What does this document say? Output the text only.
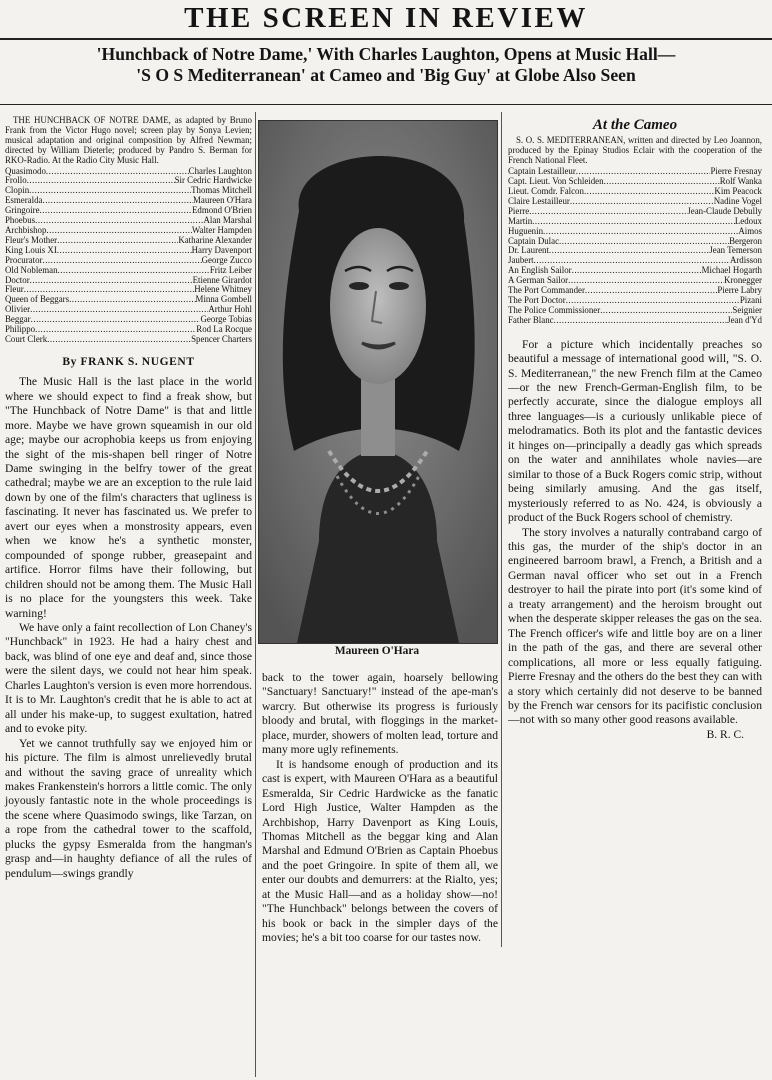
THE SCREEN IN REVIEW
'Hunchback of Notre Dame,' With Charles Laughton, Opens at Music Hall—
'S O S Mediterranean' at Cameo and 'Big Guy' at Globe Also Seen

THE HUNCHBACK OF NOTRE DAME, as adapted by Bruno Frank from the Victor Hugo novel; screen play by Sonya Levien; musical adaptation and original composition by Alfred Newman; directed by William Dieterle; produced by Pandro S. Berman for RKO-Radio. At the Radio City Music Hall.

Quasimodo .....	Charles Laughton
Frollo .....	Sir Cedric Hardwicke
Clopin .....	Thomas Mitchell
Esmeralda .....	Maureen O'Hara
Gringoire .....	Edmond O'Brien
Phoebus .....	Alan Marshal
Archbishop .....	Walter Hampden
Fleur's Mother .....	Katharine Alexander
King Louis XI .....	Harry Davenport
Procurator .....	George Zucco
Old Nobleman .....	Fritz Leiber
Doctor .....	Etienne Girardot
Fleur .....	Helene Whitney
Queen of Beggars .....	Minna Gombell
Olivier .....	Arthur Hohl
Beggar .....	George Tobias
Philippo .....	Rod La Rocque
Court Clerk .....	Spencer Charters
By FRANK S. NUGENT

The Music Hall is the last place in the world where we should expect to find a freak show, but "The Hunchback of Notre Dame" is that and little more. Maybe we have grown squeamish in our old age; maybe our acrophobia keeps us from enjoying the sight of the mis-shapen bell ringer of Notre Dame swinging in the belfry tower of the great cathedral; maybe we are an exception to the rule laid down by one of the film's characters that ugliness is fascinating. It never has fascinated us. We prefer to avert our eyes when a monstrosity appears, even when we know he's a synthetic monster, compounded of sponge rubber, greasepaint and artifice. Horror films have their following, but children should not be among them. The Music Hall is no place for the youngsters this week. Take warning!

We have only a faint recollection of Lon Chaney's "Hunchback" in 1923. He had a hairy chest and back, was blind of one eye and deaf and, since those were the silent days, we could not hear him speak. Charles Laughton's version is even more horrendous. It is to Mr. Laughton's credit that he is able to act at all under his make-up, to suggest exultation, hatred and to evoke pity.

Yet we cannot truthfully say we enjoyed him or his picture. The film is almost unrelievedly brutal and without the saving grace of unreality which makes Frankenstein's horrors a little comic. The only joyously fantastic note in the whole proceedings is the scene where Quasimodo swings, like Tarzan, on a rope from the cathedral tower to the scaffold, plucks the gypsy Esmeralda from the hangman's grasp and—in haughty defiance of all the rules of pendulum—swings grandly

Maureen O'Hara

back to the tower again, hoarsely bellowing "Sanctuary! Sanctuary!" instead of the ape-man's warcry. But otherwise its progress is furiously bloody and brutal, with floggings in the market-place, murder, showers of molten lead, torture and many more ugly refinements.

It is handsome enough of production and its cast is expert, with Maureen O'Hara as a beautiful Esmeralda, Sir Cedric Hardwicke as the fanatic Lord High Justice, Walter Hampden as the Archbishop, Harry Davenport as King Louis, Thomas Mitchell as the beggar king and Alan Marshal and Edmund O'Brien as Captain Phoebus and the poet Gringoire. In spite of them all, we enter our doubts and demurrers: at the Rialto, yes; at the Music Hall—and as a holiday show—no! "The Hunchback" belongs between the covers of his book or back in the simpler days of the movies; he's a bit too coarse for our tastes now.

At the Cameo

S. O. S. MEDITERRANEAN, written and directed by Leo Joannon, produced by the Epinay Studios Eclair with the cooperation of the French National Fleet.

Captain Lestailleur .....	Pierre Fresnay
Capt. Lieut. Von Schleiden .....	Rolf Wanka
Lieut. Comdr. Falcon .....	Kim Peacock
Claire Lestailleur .....	Nadine Vogel
Pierre .....	Jean-Claude Debully
Martin .....	Ledoux
Huguenin .....	Aimos
Captain Dulac .....	Bergeron
Dr. Laurent .....	Jean Temerson
Jaubert .....	Ardisson
An English Sailor .....	Michael Hogarth
A German Sailor .....	Kronegger
The Port Commander .....	Pierre Labry
The Port Doctor .....	Pizani
The Police Commissioner .....	Seignier
Father Blanc .....	Jean d'Yd

For a picture which incidentally preaches so beautiful a message of international good will, "S. O. S. Mediterranean," the new French film at the Cameo—or the new French-German-English film, to be perfectly accurate, since the dialogue employs all three languages—is a curiously unlikable piece of melodramatics. Both its plot and the fantastic devices it hinges on—principally a deadly gas which spreads on the water and annihilates whole navies—are similar to those of a Buck Rogers comic strip, without being similarly amusing. And the gas itself, mysteriously referred to as No. 424, is obviously a product of the Buck Rogers school of chemistry.

The story involves a naturally contraband cargo of this gas, the murder of the ship's doctor in an engineered barroom brawl, a French, a British and a German naval officer who set out in a French destroyer to hail the pirate into port (it's some kind of a treaty arrangement) and the heroism brought out when the desperate skipper releases the gas on the sea. The French officer's wife and little boy are on a liner in the path of the gas, and there are several other complications, all more or less equally fatiguing. Pierre Fresnay and the others do the best they can with a story which certainly did not deserve to be banned by the French war censors for its pacifistic conclusion—not with so many other good reasons available.

B. R. C.
